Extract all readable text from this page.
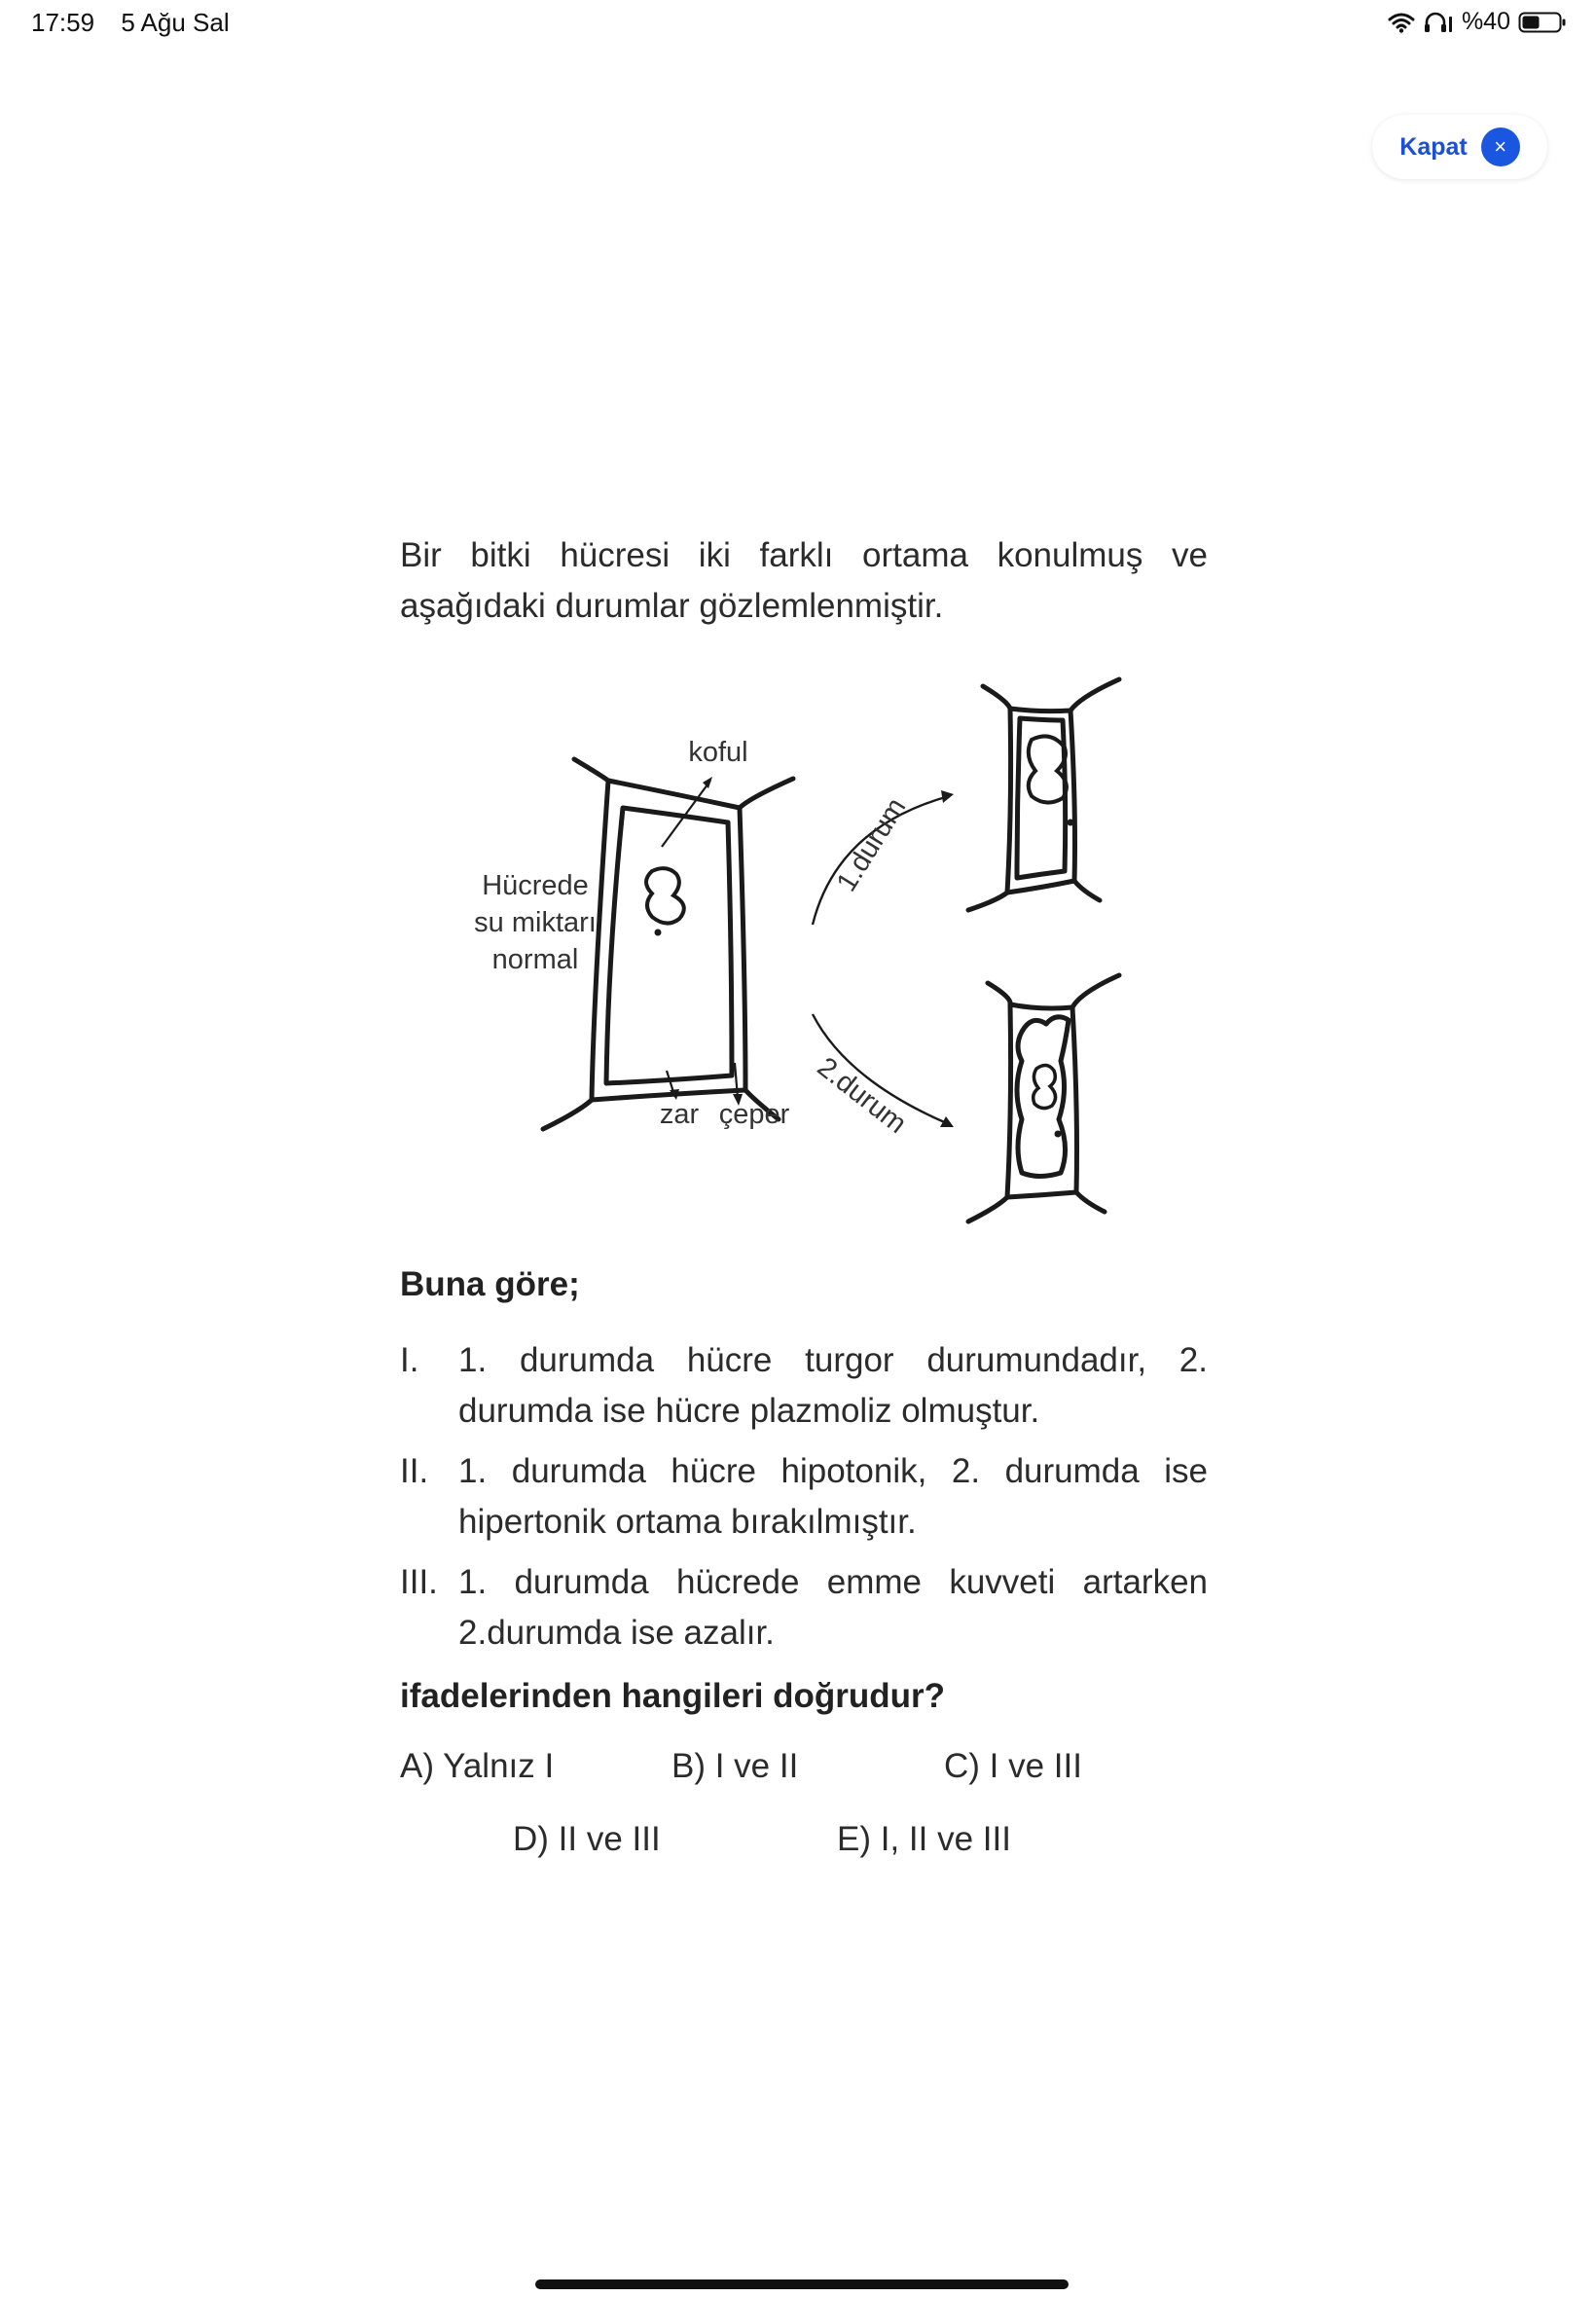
17:59 5 Ağu Sal	%40
Kapat	×

Bir bitki hücresi iki farklı ortama konulmuş ve aşağıdaki durumlar gözlemlenmiştir.

koful
Hücrede
su miktarı
normal
zar çeper
1.durum
2.durum
Buna göre;
I.	1. durumda hücre turgor durumundadır, 2. durumda ise hücre plazmoliz olmuştur.
II. 1. durumda hücre hipotonik, 2. durumda ise hipertonik ortama bırakılmıştır.
III. 1. durumda hücrede emme kuvveti artarken 2.durumda ise azalır.
ifadelerinden hangileri doğrudur?
A) Yalnız I	B) I ve II	C) I ve III
D) II ve III	E) I, II ve III
